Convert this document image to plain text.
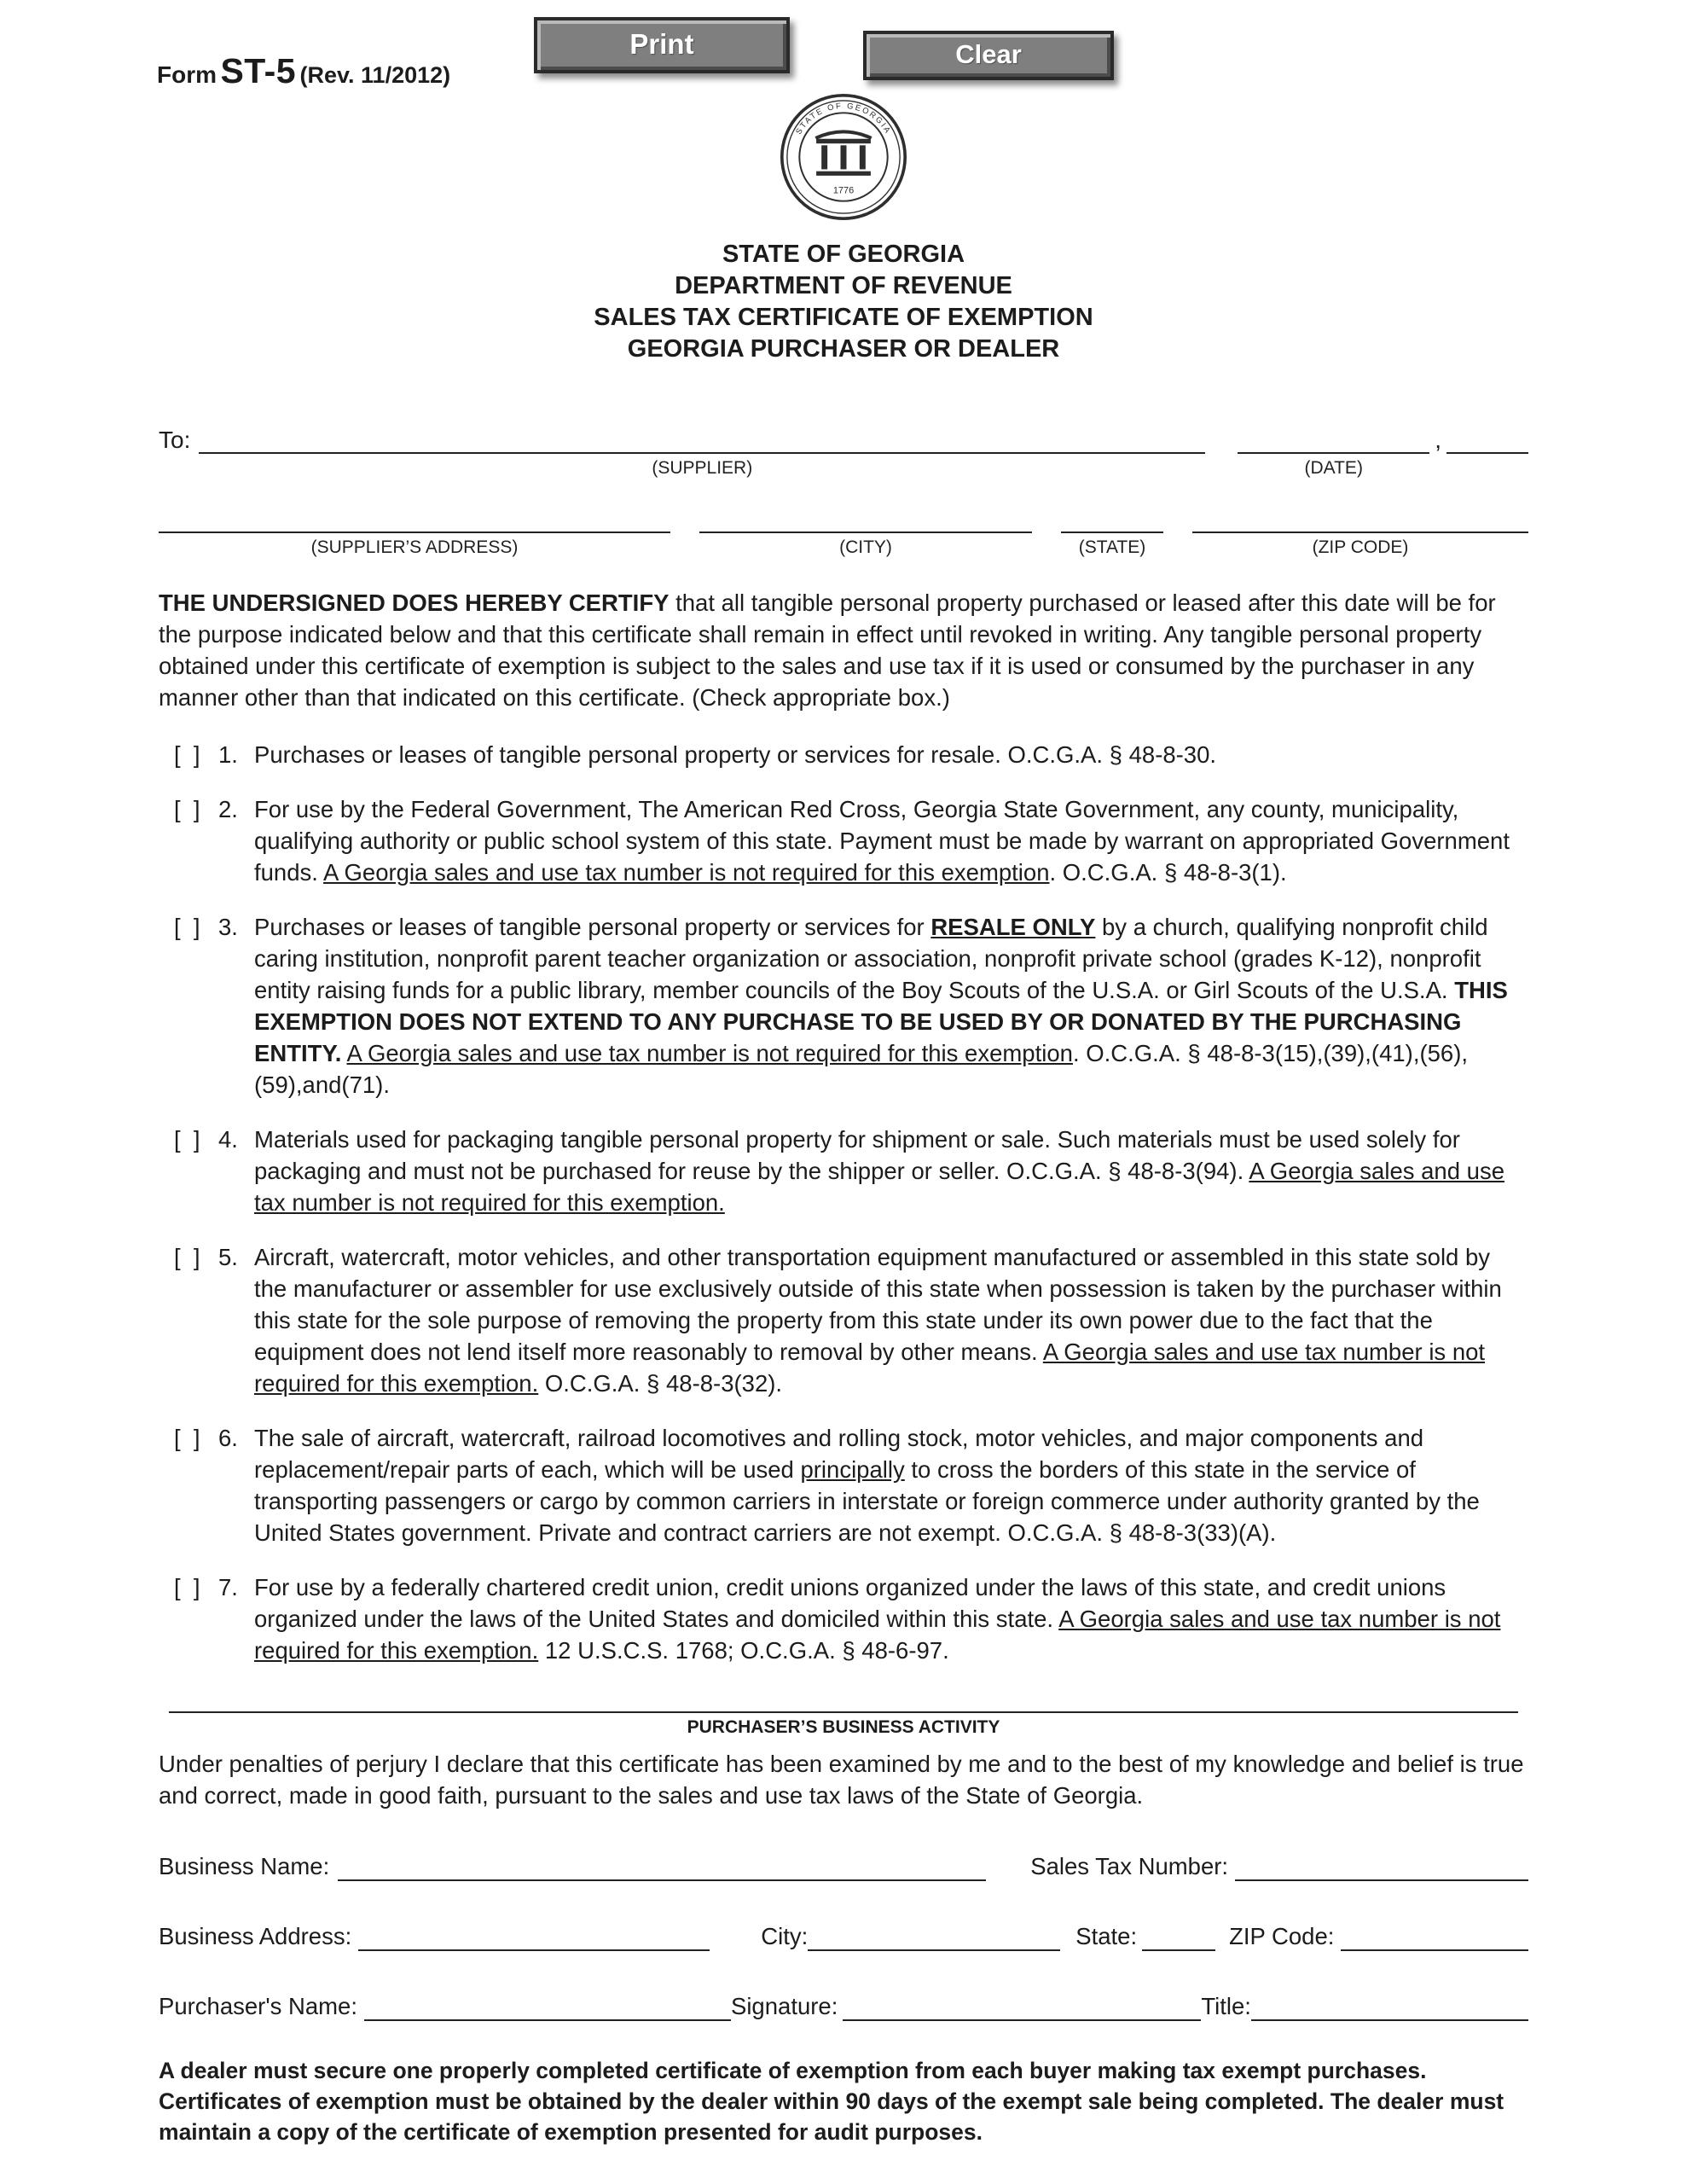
Form ST-5 (Rev. 11/2012)
Print	Clear
STATE OF GEORGIA
1776
STATE OF GEORGIA
DEPARTMENT OF REVENUE
SALES TAX CERTIFICATE OF EXEMPTION
GEORGIA PURCHASER OR DEALER
To:
(SUPPLIER)	(DATE)
,
(SUPPLIER’S ADDRESS)	(CITY)	(STATE)	(ZIP CODE)
THE UNDERSIGNED DOES HEREBY CERTIFY that all tangible personal property purchased or leased after this date will be for the purpose indicated below and that this certificate shall remain in effect until revoked in writing. Any tangible personal property obtained under this certificate of exemption is subject to the sales and use tax if it is used or consumed by the purchaser in any manner other than that indicated on this certificate. (Check appropriate box.)
[  ] 1. Purchases or leases of tangible personal property or services for resale. O.C.G.A. § 48-8-30.
[  ] 2. For use by the Federal Government, The American Red Cross, Georgia State Government, any county, municipality, qualifying authority or public school system of this state. Payment must be made by warrant on appropriated Government funds. A Georgia sales and use tax number is not required for this exemption. O.C.G.A. § 48-8-3(1).
[  ] 3. Purchases or leases of tangible personal property or services for RESALE ONLY by a church, qualifying nonprofit child caring institution, nonprofit parent teacher organization or association, nonprofit private school (grades K-12), nonprofit entity raising funds for a public library, member councils of the Boy Scouts of the U.S.A. or Girl Scouts of the U.S.A. THIS EXEMPTION DOES NOT EXTEND TO ANY PURCHASE TO BE USED BY OR DONATED BY THE PURCHASING ENTITY. A Georgia sales and use tax number is not required for this exemption. O.C.G.A. § 48-8-3(15),(39),(41),(56),(59),and(71).
[  ] 4. Materials used for packaging tangible personal property for shipment or sale. Such materials must be used solely for packaging and must not be purchased for reuse by the shipper or seller. O.C.G.A. § 48-8-3(94). A Georgia sales and use tax number is not required for this exemption.
[  ] 5. Aircraft, watercraft, motor vehicles, and other transportation equipment manufactured or assembled in this state sold by the manufacturer or assembler for use exclusively outside of this state when possession is taken by the purchaser within this state for the sole purpose of removing the property from this state under its own power due to the fact that the equipment does not lend itself more reasonably to removal by other means. A Georgia sales and use tax number is not required for this exemption. O.C.G.A. § 48-8-3(32).
[  ] 6. The sale of aircraft, watercraft, railroad locomotives and rolling stock, motor vehicles, and major components and replacement/repair parts of each, which will be used principally to cross the borders of this state in the service of transporting passengers or cargo by common carriers in interstate or foreign commerce under authority granted by the United States government. Private and contract carriers are not exempt. O.C.G.A. § 48-8-3(33)(A).
[  ] 7. For use by a federally chartered credit union, credit unions organized under the laws of this state, and credit unions organized under the laws of the United States and domiciled within this state. A Georgia sales and use tax number is not required for this exemption. 12 U.S.C.S. 1768; O.C.G.A. § 48-6-97.
PURCHASER’S BUSINESS ACTIVITY
Under penalties of perjury I declare that this certificate has been examined by me and to the best of my knowledge and belief is true and correct, made in good faith, pursuant to the sales and use tax laws of the State of Georgia.
Business Name:	Sales Tax Number:
Business Address:	City:	State:	ZIP Code:
Purchaser's Name:	Signature:	Title:
A dealer must secure one properly completed certificate of exemption from each buyer making tax exempt purchases. Certificates of exemption must be obtained by the dealer within 90 days of the exempt sale being completed. The dealer must maintain a copy of the certificate of exemption presented for audit purposes.
